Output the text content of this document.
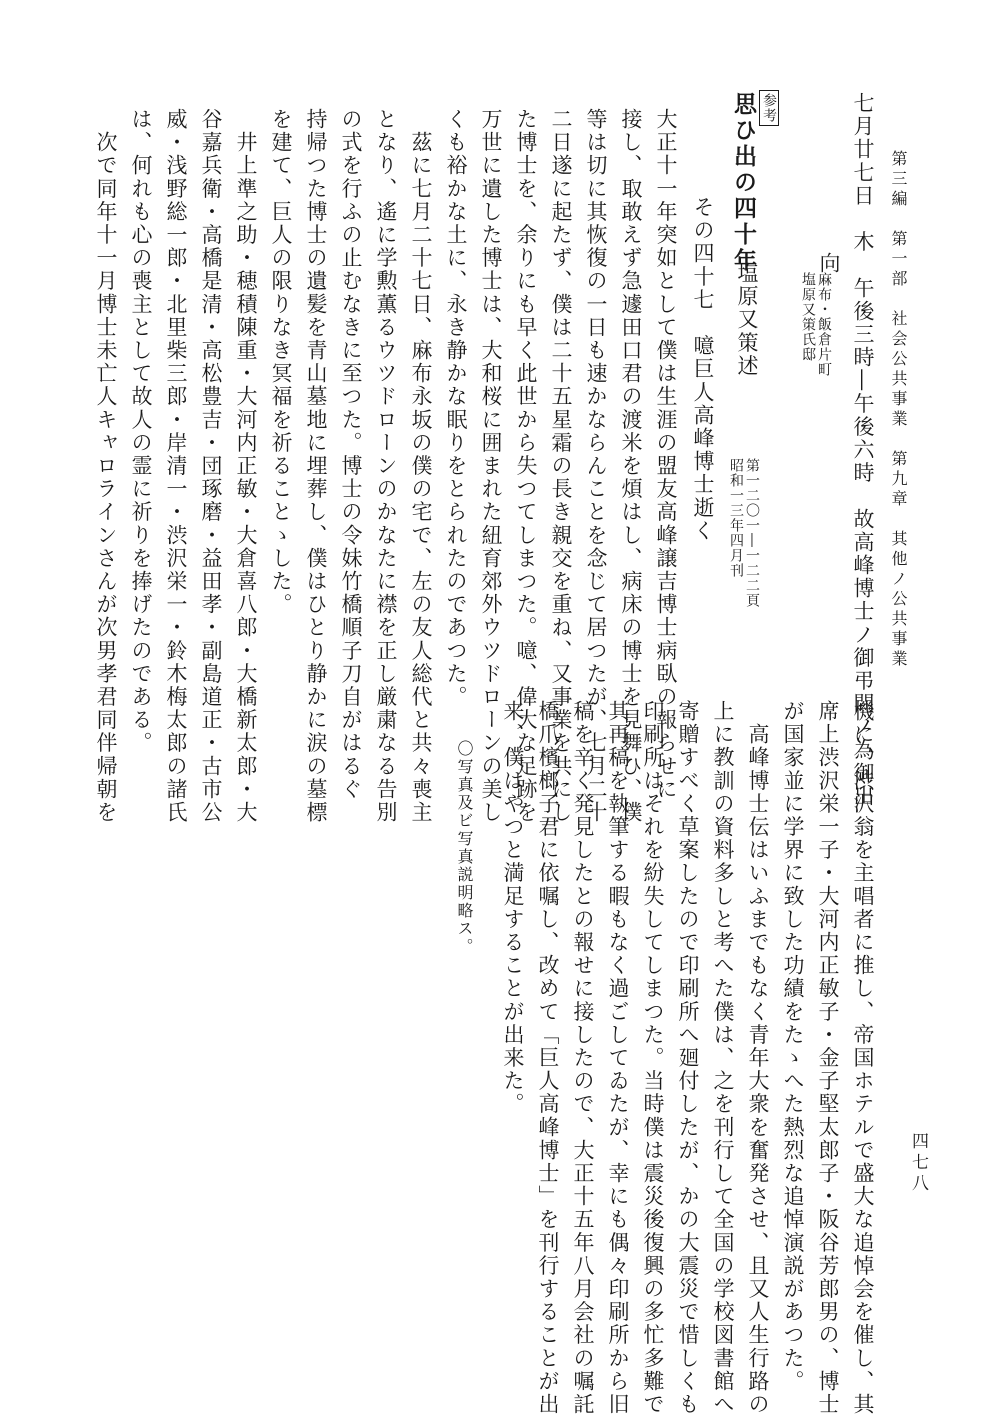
第三編　第一部　社会公共事業　第九章　其他ノ公共事業
七月廿七日　木　午後三時―午後六時　故高峰博士ノ御弔問ノ為御出
向
麻布・飯倉片町
塩原又策氏邸
参考
思ひ出の四十年
塩原又策述
第一二〇一―一二二頁
昭和一三年四月刊
その四十七　噫巨人高峰博士逝く
大正十一年突如として僕は生涯の盟友高峰譲吉博士病臥の報らせに
接し、取敢えず急遽田口君の渡米を煩はし、病床の博士を見舞ひ、僕
等は切に其恢復の一日も速かならんことを念じて居つたが、七月二十
二日遂に起たず、僕は二十五星霜の長き親交を重ね、又事業を共にし
た博士を、余りにも早く此世から失つてしまつた。噫、偉大な足跡を
万世に遺した博士は、大和桜に囲まれた紐育郊外ウツドローンの美し
くも裕かな土に、永き静かな眠りをとられたのであつた。
　茲に七月二十七日、麻布永坂の僕の宅で、左の友人総代と共々喪主
となり、遙に学勲薫るウツドローンのかなたに襟を正し厳粛なる告別
の式を行ふの止むなきに至つた。博士の令妹竹橋順子刀自がはるぐ
持帰つた博士の遺髪を青山墓地に埋葬し、僕はひとり静かに涙の墓標
を建て、巨人の限りなき冥福を祈ることゝした。
　井上準之助・穂積陳重・大河内正敏・大倉喜八郎・大橋新太郎・大
谷嘉兵衛・高橋是清・高松豊吉・団琢磨・益田孝・副島道正・古市公
威・浅野総一郎・北里柴三郎・岸清一・渋沢栄一・鈴木梅太郎の諸氏
は、何れも心の喪主として故人の霊に祈りを捧げたのである。
　次で同年十一月博士未亡人キャロラインさんが次男孝君同伴帰朝を
四七八
機に、渋沢翁を主唱者に推し、帝国ホテルで盛大な追悼会を催し、其
席上渋沢栄一子・大河内正敏子・金子堅太郎子・阪谷芳郎男の、博士
が国家並に学界に致した功績をたゝへた熱烈な追悼演説があつた。
　高峰博士伝はいふまでもなく青年大衆を奮発させ、且又人生行路の
上に教訓の資料多しと考へた僕は、之を刊行して全国の学校図書館へ
寄贈すべく草案したので印刷所へ廻付したが、かの大震災で惜しくも
印刷所はそれを紛失してしまつた。当時僕は震災後復興の多忙多難で
其再稿を執筆する暇もなく過ごしてゐたが、幸にも偶々印刷所から旧
稿を辛く発見したとの報せに接したので、大正十五年八月会社の嘱託
橋爪檳榔子君に依嘱し、改めて「巨人高峰博士」を刊行することが出
来、僕はやつと満足することが出来た。
　〇写真及ビ写真説明略ス。
